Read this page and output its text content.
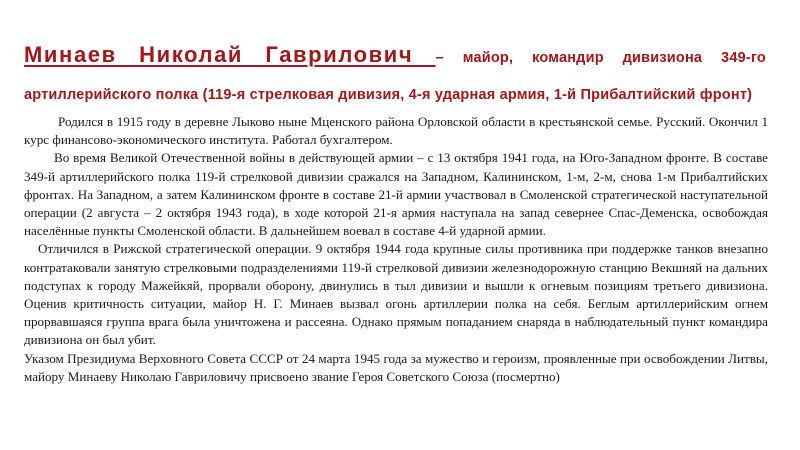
Минаев Николай Гаврилович – майор, командир дивизиона 349-го артиллерийского полка (119-я стрелковая дивизия, 4-я ударная армия, 1-й Прибалтийский фронт)

Родился в 1915 году в деревне Лыково ныне Мценского района Орловской области в крестьянской семье. Русский. Окончил 1 курс финансово-экономического института. Работал бухгалтером.

Во время Великой Отечественной войны в действующей армии – с 13 октября 1941 года, на Юго-Западном фронте. В составе 349-й артиллерийского полка 119-й стрелковой дивизии сражался на Западном, Калининском, 1-м, 2-м, снова 1-м Прибалтийских фронтах. На Западном, а затем Калининском фронте в составе 21-й армии участвовал в Смоленской стратегической наступательной операции (2 августа – 2 октября 1943 года), в ходе которой 21-я армия наступала на запад севернее Спас-Деменска, освобождая населённые пункты Смоленской области. В дальнейшем воевал в составе 4-й ударной армии.

Отличился в Рижской стратегической операции. 9 октября 1944 года крупные силы противника при поддержке танков внезапно контратаковали занятую стрелковыми подразделениями 119-й стрелковой дивизии железнодорожную станцию Векшняй на дальних подступах к городу Мажейкяй, прорвали оборону, двинулись в тыл дивизии и вышли к огневым позициям третьего дивизиона. Оценив критичность ситуации, майор Н. Г. Минаев вызвал огонь артиллерии полка на себя. Беглым артиллерийским огнем прорвавшаяся группа врага была уничтожена и рассеяна. Однако прямым попаданием снаряда в наблюдательный пункт командира дивизиона он был убит.

Указом Президиума Верховного Совета СССР от 24 марта 1945 года за мужество и героизм, проявленные при освобождении Литвы, майору Минаеву Николаю Гавриловичу присвоено звание Героя Советского Союза (посмертно)
